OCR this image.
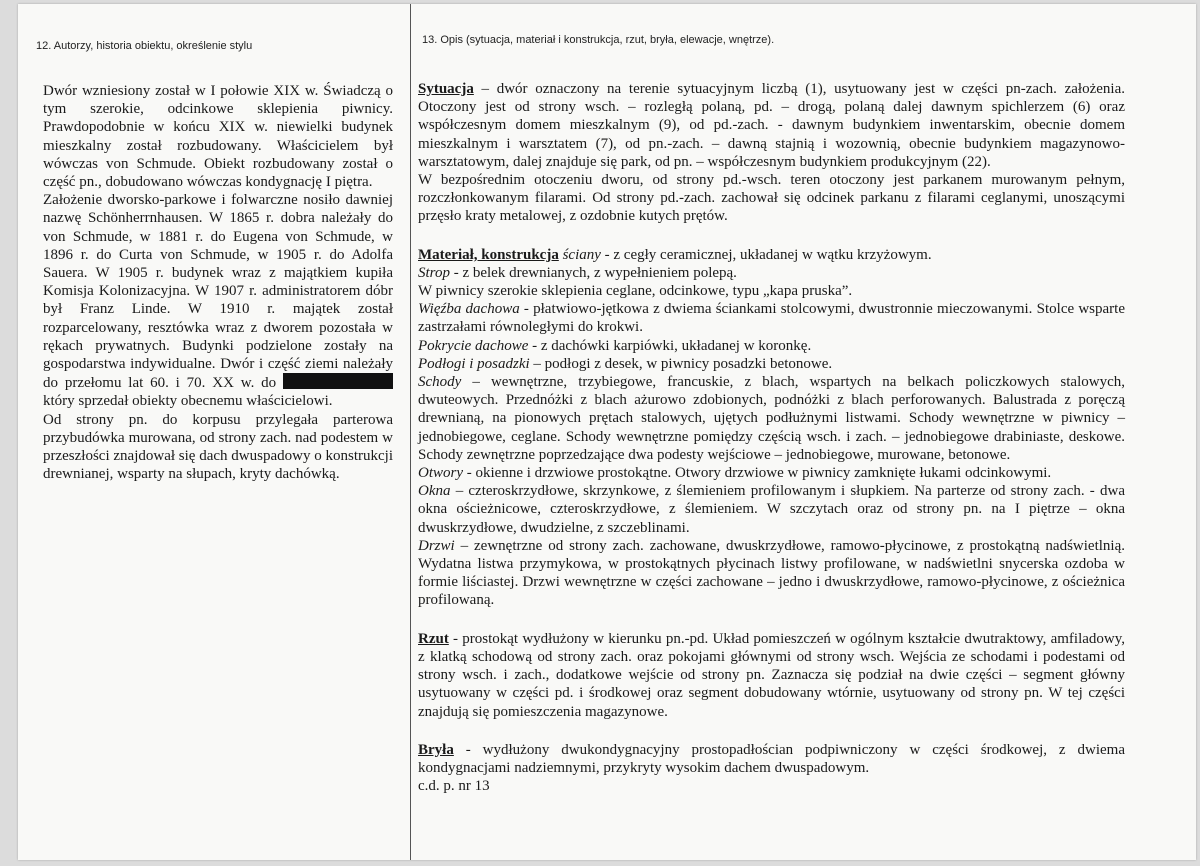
12. Autorzy, historia obiektu, określenie stylu	13. Opis (sytuacja, materiał i konstrukcja, rzut, bryła, elewacje, wnętrze).

Dwór wzniesiony został w I połowie XIX w. Świadczą o tym szerokie, odcinkowe sklepienia piwnicy. Prawdopodobnie w końcu XIX w. niewielki budynek mieszkalny został rozbudowany. Właścicielem był wówczas von Schmude. Obiekt rozbudowany został o część pn., dobudowano wówczas kondygnację I piętra.

Założenie dworsko-parkowe i folwarczne nosiło dawniej nazwę Schönherrnhausen. W 1865 r. dobra należały do von Schmude, w 1881 r. do Eugena von Schmude, w 1896 r. do Curta von Schmude, w 1905 r. do Adolfa Sauera. W 1905 r. budynek wraz z majątkiem kupiła Komisja Kolonizacyjna. W 1907 r. administratorem dóbr był Franz Linde. W 1910 r. majątek został rozparcelowany, resztówka wraz z dworem pozostała w rękach prywatnych. Budynki podzielone zostały na gospodarstwa indywidualne. Dwór i część ziemi należały do przełomu lat 60. i 70. XX w. do  który sprzedał obiekty obecnemu właścicielowi.

Od strony pn. do korpusu przylegała parterowa przybudówka murowana, od strony zach. nad podestem w przeszłości znajdował się dach dwuspadowy o konstrukcji drewnianej, wsparty na słupach, kryty dachówką.

Sytuacja – dwór oznaczony na terenie sytuacyjnym liczbą (1), usytuowany jest w części pn-zach. założenia. Otoczony jest od strony wsch. – rozległą polaną, pd. – drogą, polaną dalej dawnym spichlerzem (6) oraz współczesnym domem mieszkalnym (9), od pd.-zach. - dawnym budynkiem inwentarskim, obecnie domem mieszkalnym i warsztatem (7), od pn.-zach. – dawną stajnią i wozownią, obecnie budynkiem magazynowo-warsztatowym, dalej znajduje się park, od pn. – współczesnym budynkiem produkcyjnym (22).

W bezpośrednim otoczeniu dworu, od strony pd.-wsch. teren otoczony jest parkanem murowanym pełnym, rozczłonkowanym filarami. Od strony pd.-zach. zachował się odcinek parkanu z filarami ceglanymi, unoszącymi przęsło kraty metalowej, z ozdobnie kutych prętów.

Materiał, konstrukcja ściany - z cegły ceramicznej, układanej w wątku krzyżowym.

Strop - z belek drewnianych, z wypełnieniem polepą.

W piwnicy szerokie sklepienia ceglane, odcinkowe, typu „kapa pruska”.

Więźba dachowa - płatwiowo-jętkowa z dwiema ściankami stolcowymi, dwustronnie mieczowanymi. Stolce wsparte zastrzałami równoległymi do krokwi.

Pokrycie dachowe - z dachówki karpiówki, układanej w koronkę.

Podłogi i posadzki – podłogi z desek, w piwnicy posadzki betonowe.

Schody – wewnętrzne, trzybiegowe, francuskie, z blach, wspartych na belkach policzkowych stalowych, dwuteowych. Przednóżki z blach ażurowo zdobionych, podnóżki z blach perforowanych. Balustrada z poręczą drewnianą, na pionowych prętach stalowych, ujętych podłużnymi listwami. Schody wewnętrzne w piwnicy – jednobiegowe, ceglane. Schody wewnętrzne pomiędzy częścią wsch. i zach. – jednobiegowe drabiniaste, deskowe. Schody zewnętrzne poprzedzające dwa podesty wejściowe – jednobiegowe, murowane, betonowe.

Otwory - okienne i drzwiowe prostokątne. Otwory drzwiowe w piwnicy zamknięte łukami odcinkowymi.

Okna – czteroskrzydłowe, skrzynkowe, z ślemieniem profilowanym i słupkiem. Na parterze od strony zach. - dwa okna ościeżnicowe, czteroskrzydłowe, z ślemieniem. W szczytach oraz od strony pn. na I piętrze – okna dwuskrzydłowe, dwudzielne, z szczeblinami.

Drzwi – zewnętrzne od strony zach. zachowane, dwuskrzydłowe, ramowo-płycinowe, z prostokątną nadświetlnią. Wydatna listwa przymykowa, w prostokątnych płycinach listwy profilowane, w nadświetlni snycerska ozdoba w formie liściastej. Drzwi wewnętrzne w części zachowane – jedno i dwuskrzydłowe, ramowo-płycinowe, z ościeżnica profilowaną.

Rzut - prostokąt wydłużony w kierunku pn.-pd. Układ pomieszczeń w ogólnym kształcie dwutraktowy, amfiladowy, z klatką schodową od strony zach. oraz pokojami głównymi od strony wsch. Wejścia ze schodami i podestami od strony wsch. i zach., dodatkowe wejście od strony pn. Zaznacza się podział na dwie części – segment główny usytuowany w części pd. i środkowej oraz segment dobudowany wtórnie, usytuowany od strony pn. W tej części znajdują się pomieszczenia magazynowe.

Bryła - wydłużony dwukondygnacyjny prostopadłościan podpiwniczony w części środkowej, z dwiema kondygnacjami nadziemnymi, przykryty wysokim dachem dwuspadowym.

c.d. p. nr 13
